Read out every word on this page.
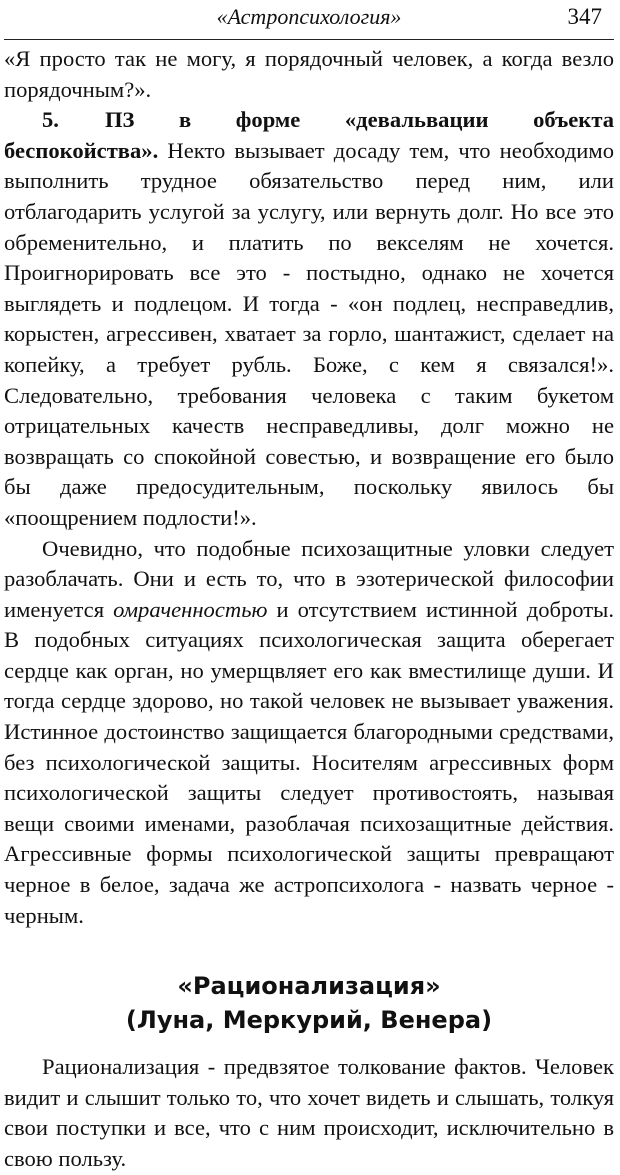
«Астропсихология»	347

«Я просто так не могу, я порядочный человек, а когда везло порядочным?».

5. ПЗ в форме «девальвации объекта беспокойства». Некто вызывает досаду тем, что необходимо выполнить трудное обязательство перед ним, или отблагодарить услугой за услугу, или вернуть долг. Но все это обременительно, и платить по векселям не хочется. Проигнорировать все это - постыдно, однако не хочется выглядеть и подлецом. И тогда - «он подлец, несправедлив, корыстен, агрессивен, хватает за горло, шантажист, сделает на копейку, а требует рубль. Боже, с кем я связался!». Следовательно, требования человека с таким букетом отрицательных качеств несправедливы, долг можно не возвращать со спокойной совестью, и возвращение его было бы даже предосудительным, поскольку явилось бы «поощрением подлости!».

Очевидно, что подобные психозащитные уловки следует разоблачать. Они и есть то, что в эзотерической философии именуется омраченностью и отсутствием истинной доброты. В подобных ситуациях психологическая защита оберегает сердце как орган, но умерщвляет его как вместилище души. И тогда сердце здорово, но такой человек не вызывает уважения. Истинное достоинство защищается благородными средствами, без психологической защиты. Носителям агрессивных форм психологической защиты следует противостоять, называя вещи своими именами, разоблачая психозащитные действия. Агрессивные формы психологической защиты превращают черное в белое, задача же астропсихолога - назвать черное - черным.

«Рационализация»
(Луна, Меркурий, Венера)

Рационализация - предвзятое толкование фактов. Человек видит и слышит только то, что хочет видеть и слышать, толкуя свои поступки и все, что с ним происходит, исключительно в свою пользу.
